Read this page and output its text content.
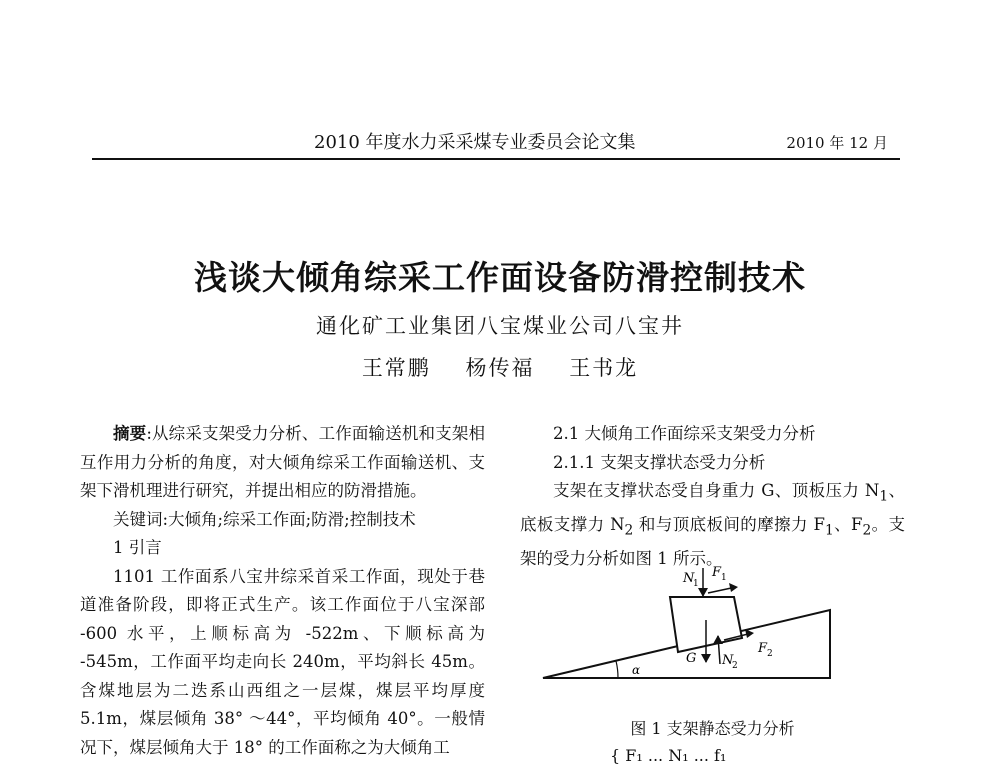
2010 年度水力采采煤专业委员会论文集	2010 年 12 月
浅谈大倾角综采工作面设备防滑控制技术
通化矿工业集团八宝煤业公司八宝井
王常鹏 杨传福 王书龙

摘要:从综采支架受力分析、工作面输送机和支架相互作用力分析的角度，对大倾角综采工作面输送机、支架下滑机理进行研究，并提出相应的防滑措施。

关键词:大倾角;综采工作面;防滑;控制技术

1 引言

1101 工作面系八宝井综采首采工作面，现处于巷道准备阶段，即将正式生产。该工作面位于八宝深部 -600 水平，上顺标高为 -522m、下顺标高为 -545m，工作面平均走向长 240m，平均斜长 45m。含煤地层为二迭系山西组之一层煤，煤层平均厚度 5.1m，煤层倾角 38° ～44°，平均倾角 40°。一般情况下，煤层倾角大于 18° 的工作面称之为大倾角工

2.1 大倾角工作面综采支架受力分析

2.1.1 支架支撑状态受力分析

支架在支撑状态受自身重力 G、顶板压力 $N_1$、底板支撑力 $N_2$ 和与顶底板间的摩擦力 $F_1$、$F_2$。支架的受力分析如图 1 所示。

N
1
F 1
G N
2
F 2
α
图 1 支架静态受力分析
{ F₁ ... N₁ ... f₁
